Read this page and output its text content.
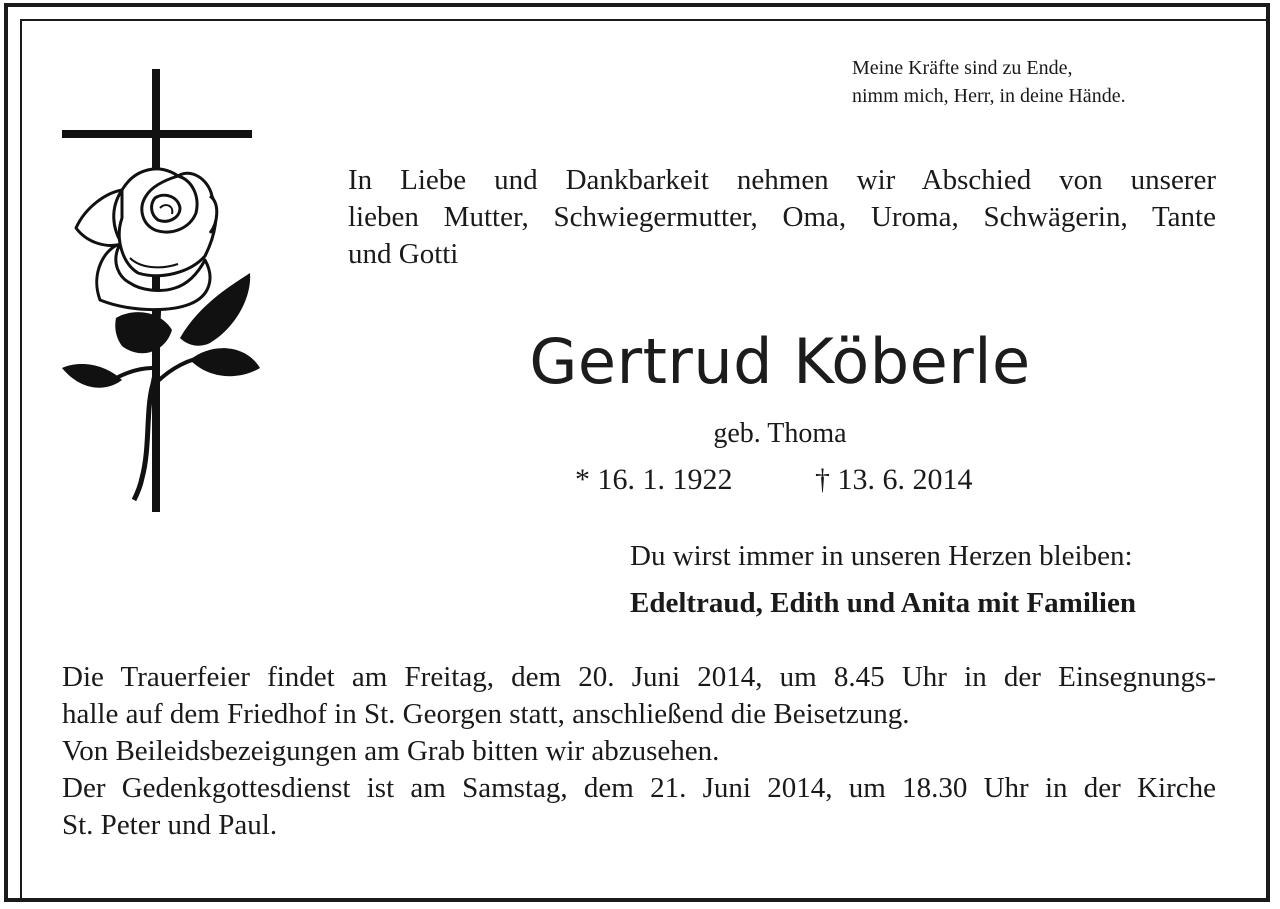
Meine Kräfte sind zu Ende,
nimm mich, Herr, in deine Hände.
In Liebe und Dankbarkeit nehmen wir Abschied von unserer
lieben Mutter, Schwiegermutter, Oma, Uroma, Schwägerin, Tante
und Gotti
Gertrud Köberle
geb. Thoma
* 16. 1. 1922	† 13. 6. 2014
Du wirst immer in unseren Herzen bleiben:
Edeltraud, Edith und Anita mit Familien
Die Trauerfeier findet am Freitag, dem 20. Juni 2014, um 8.45 Uhr in der Einsegnungs-
halle auf dem Friedhof in St. Georgen statt, anschließend die Beisetzung.
Von Beileidsbezeigungen am Grab bitten wir abzusehen.
Der Gedenkgottesdienst ist am Samstag, dem 21. Juni 2014, um 18.30 Uhr in der Kirche
St. Peter und Paul.
